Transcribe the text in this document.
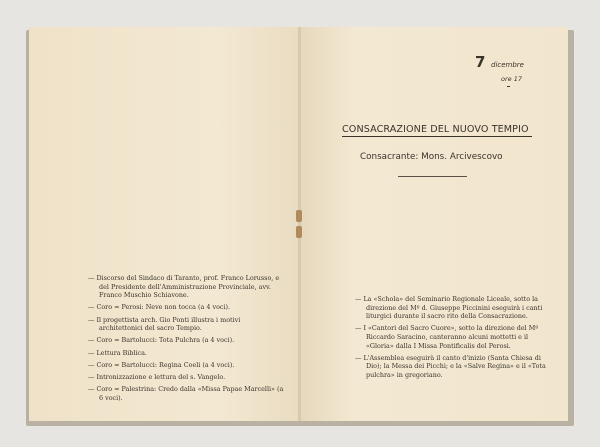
— Discorso del Sindaco di Taranto, prof. Franco Lorusso, e del Presidente dell'Amministrazione Provinciale, avv. Franco Muschio Schiavone.
— Coro = Perosi: Neve non tocca (a 4 voci).
— Il progettista arch. Gio Ponti illustra i motivi architettonici del sacro Tempio.
— Coro = Bartolucci: Tota Pulchra (a 4 voci).
— Lettura Biblica.
— Coro = Bartolucci: Regina Coeli (a 4 voci).
— Intronizzazione e lettura del s. Vangelo.
— Coro = Palestrina: Credo dalla «Missa Papae Marcelli» (a 6 voci).
7 dicembre
ore 17
CONSACRAZIONE DEL NUOVO TEMPIO
Consacrante: Mons. Arcivescovo
— La «Schola» del Seminario Regionale Liceale, sotto la direzione del Mº d. Giuseppe Piccinini eseguirà i canti liturgici durante il sacro rito della Consacrazione.
— I «Cantori del Sacro Cuore», sotto la direzione del Mº Riccardo Saracino, canteranno alcuni mottetti e il «Gloria» dalla I Missa Pontificalis del Perosi.
— L'Assemblea eseguirà il canto d'inizio (Santa Chiesa di Dio); la Messa dei Picchi; e la «Salve Regina» e il «Tota pulchra» in gregoriano.
